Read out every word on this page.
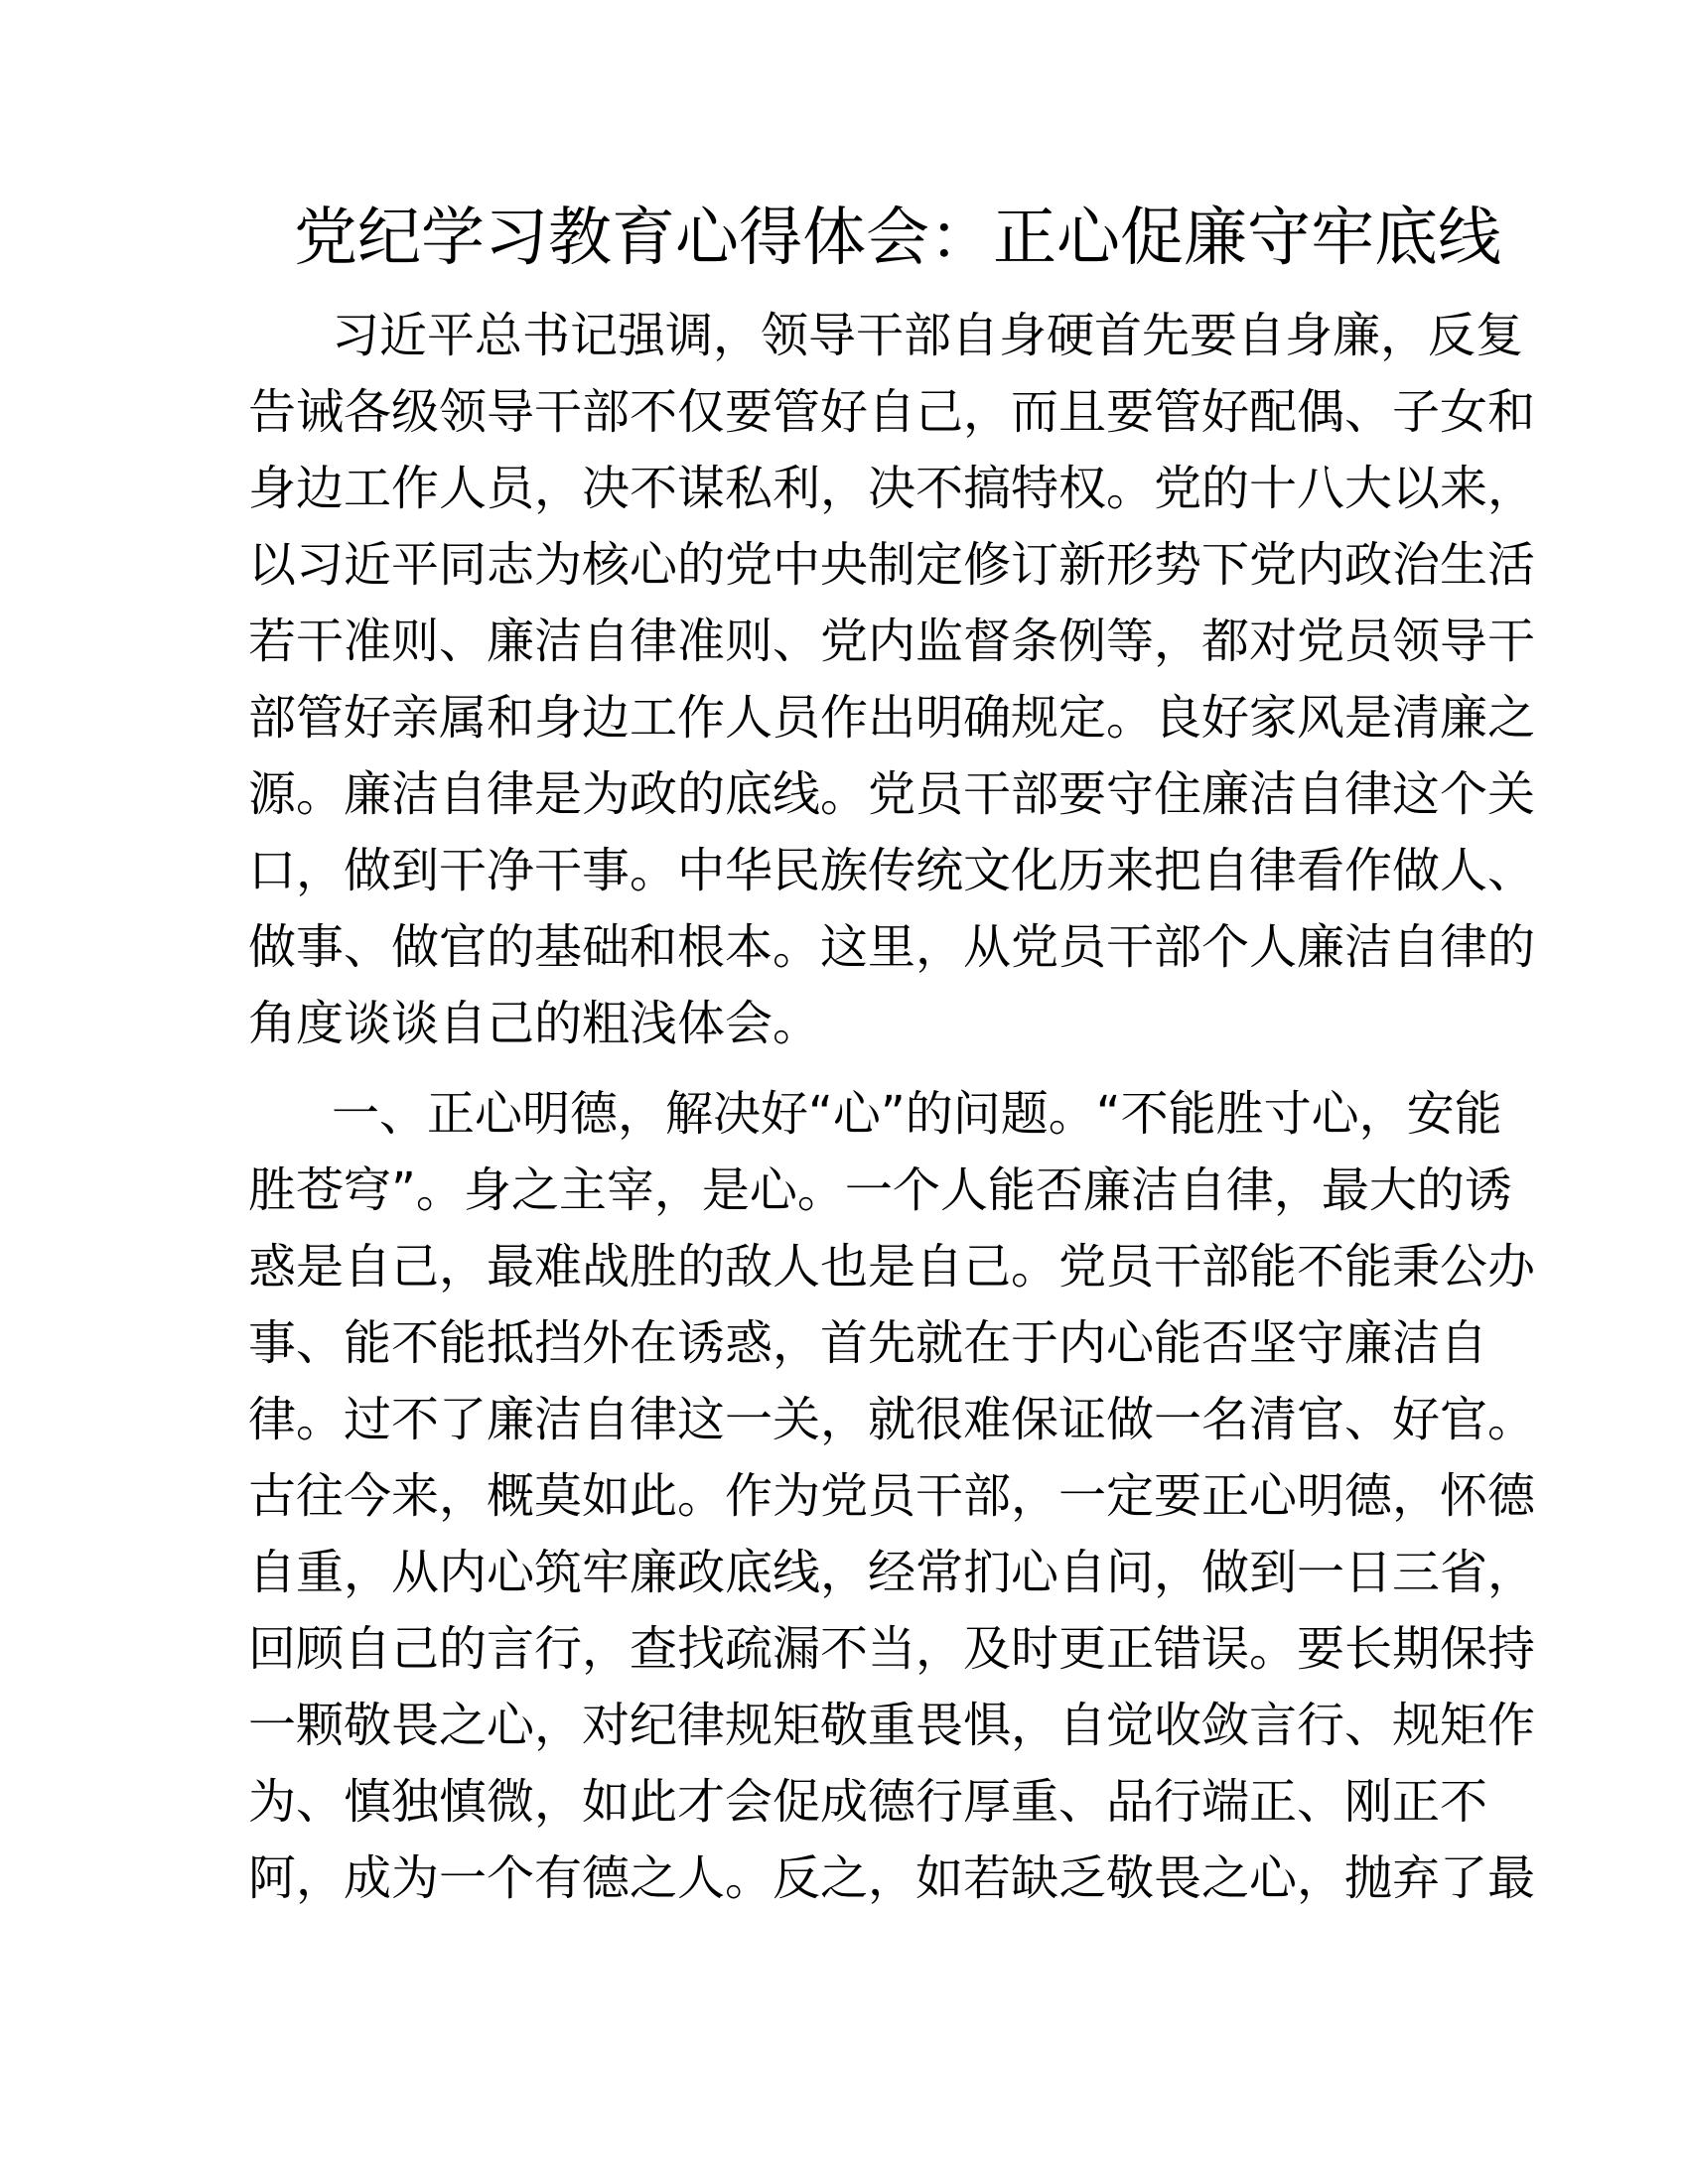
党纪学习教育心得体会：正心促廉守牢底线
习近平总书记强调，领导干部自身硬首先要自身廉，反复
告诫各级领导干部不仅要管好自己，而且要管好配偶、子女和
身边工作人员，决不谋私利，决不搞特权。党的十八大以来，
以习近平同志为核心的党中央制定修订新形势下党内政治生活
若干准则、廉洁自律准则、党内监督条例等，都对党员领导干
部管好亲属和身边工作人员作出明确规定。良好家风是清廉之
源。廉洁自律是为政的底线。党员干部要守住廉洁自律这个关
口，做到干净干事。中华民族传统文化历来把自律看作做人、
做事、做官的基础和根本。这里，从党员干部个人廉洁自律的
角度谈谈自己的粗浅体会。
一、正心明德，解决好“心”的问题。“不能胜寸心，安能
胜苍穹”。身之主宰，是心。一个人能否廉洁自律，最大的诱
惑是自己，最难战胜的敌人也是自己。党员干部能不能秉公办
事、能不能抵挡外在诱惑，首先就在于内心能否坚守廉洁自
律。过不了廉洁自律这一关，就很难保证做一名清官、好官。
古往今来，概莫如此。作为党员干部，一定要正心明德，怀德
自重，从内心筑牢廉政底线，经常扪心自问，做到一日三省，
回顾自己的言行，查找疏漏不当，及时更正错误。要长期保持
一颗敬畏之心，对纪律规矩敬重畏惧，自觉收敛言行、规矩作
为、慎独慎微，如此才会促成德行厚重、品行端正、刚正不
阿，成为一个有德之人。反之，如若缺乏敬畏之心，抛弃了最
